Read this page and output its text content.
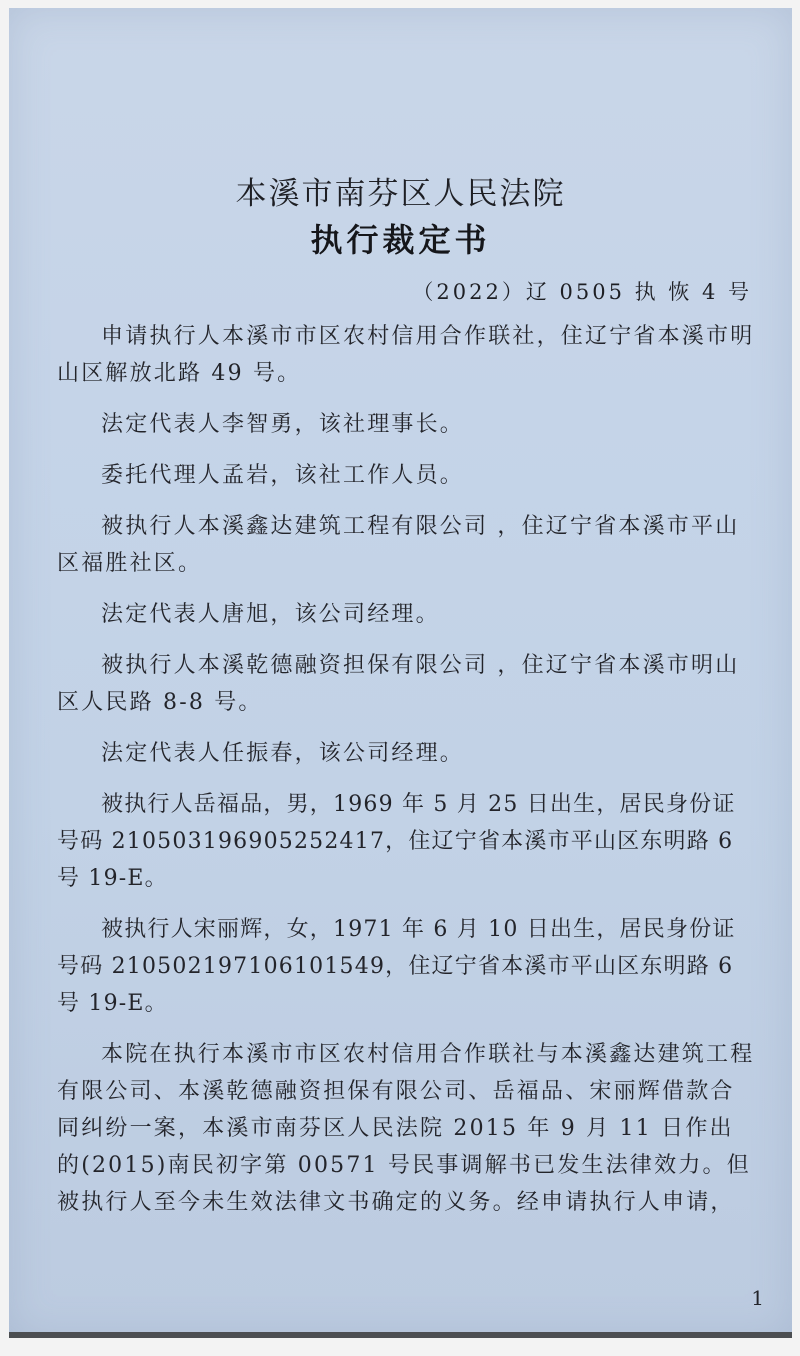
本溪市南芬区人民法院
执行裁定书
（2022）辽 0505 执 恢 4 号

申请执行人本溪市市区农村信用合作联社，住辽宁省本溪市明山区解放北路 49 号。

法定代表人李智勇，该社理事长。

委托代理人孟岩，该社工作人员。

被执行人本溪鑫达建筑工程有限公司 ，住辽宁省本溪市平山区福胜社区。

法定代表人唐旭，该公司经理。

被执行人本溪乾德融资担保有限公司 ，住辽宁省本溪市明山区人民路 8-8 号。

法定代表人任振春，该公司经理。

被执行人岳福品，男，1969 年 5 月 25 日出生，居民身份证号码 210503196905252417，住辽宁省本溪市平山区东明路 6 号 19-E。

被执行人宋丽辉，女，1971 年 6 月 10 日出生，居民身份证号码 210502197106101549，住辽宁省本溪市平山区东明路 6 号 19-E。

本院在执行本溪市市区农村信用合作联社与本溪鑫达建筑工程有限公司、本溪乾德融资担保有限公司、岳福品、宋丽辉借款合同纠纷一案，本溪市南芬区人民法院 2015 年 9 月 11 日作出的(2015)南民初字第 00571 号民事调解书已发生法律效力。但被执行人至今未生效法律文书确定的义务。经申请执行人申请，

1
